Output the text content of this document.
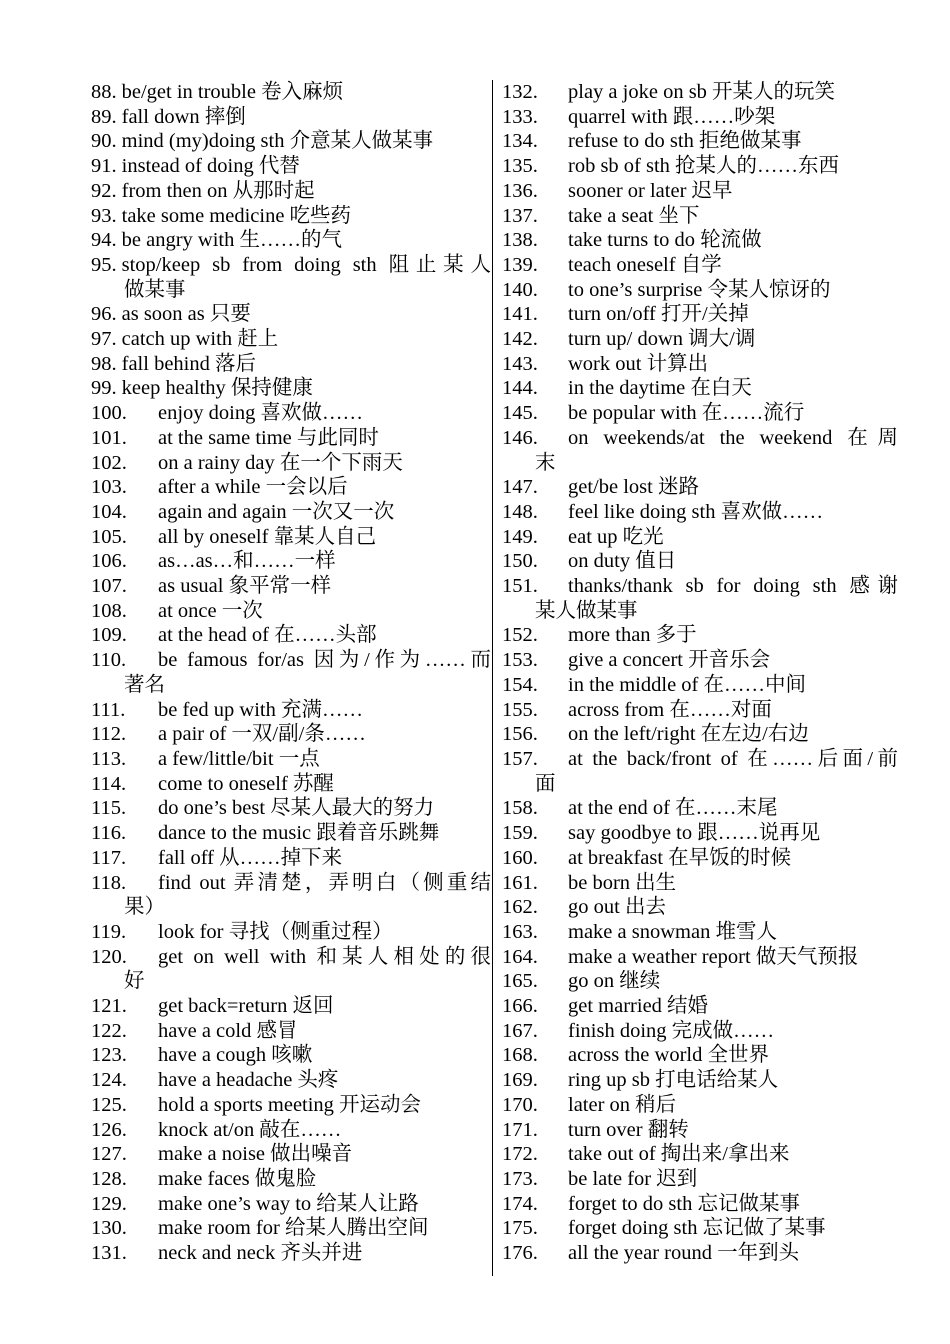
88. be/get in trouble 卷入麻烦
89. fall down 摔倒
90. mind (my)doing sth 介意某人做某事
91. instead of doing 代替
92. from then on 从那时起
93. take some medicine 吃些药
94. be angry with 生……的气
95. stop/keep sb from doing sth 阻止某人
做某事
96. as soon as 只要
97. catch up with 赶上
98. fall behind 落后
99. keep healthy 保持健康
100.	enjoy doing 喜欢做……
101.	at the same time 与此同时
102.	on a rainy day 在一个下雨天
103.	after a while 一会以后
104.	again and again 一次又一次
105.	all by oneself 靠某人自己
106.	as…as…和……一样
107.	as usual 象平常一样
108.	at once 一次
109.	at the head of 在……头部
110. be famous for/as 因为/作为……而
著名
111.	be fed up with 充满……
112.	a pair of 一双/副/条……
113.	a few/little/bit 一点
114.	come to oneself 苏醒
115.	do one’s best 尽某人最大的努力
116.	dance to the music 跟着音乐跳舞
117.	fall off 从……掉下来
118. find out 弄清楚，弄明白（侧重结
果）
119.	look for 寻找（侧重过程）
120. get on well with 和某人相处的很
好
121.	get back=return 返回
122.	have a cold 感冒
123.	have a cough 咳嗽
124.	have a headache 头疼
125.	hold a sports meeting 开运动会
126.	knock at/on 敲在……
127.	make a noise 做出噪音
128.	make faces 做鬼脸
129.	make one’s way to 给某人让路
130.	make room for 给某人腾出空间
131.	neck and neck 齐头并进
132.	play a joke on sb 开某人的玩笑
133.	quarrel with 跟……吵架
134.	refuse to do sth 拒绝做某事
135.	rob sb of sth 抢某人的……东西
136.	sooner or later 迟早
137.	take a seat 坐下
138.	take turns to do 轮流做
139.	teach oneself 自学
140.	to one’s surprise 令某人惊讶的
141.	turn on/off 打开/关掉
142.	turn up/ down 调大/调
143.	work out 计算出
144.	in the daytime 在白天
145.	be popular with 在……流行
146. on weekends/at the weekend 在周
末
147.	get/be lost 迷路
148.	feel like doing sth 喜欢做……
149.	eat up 吃光
150.	on duty 值日
151. thanks/thank sb for doing sth 感谢
某人做某事
152.	more than 多于
153.	give a concert 开音乐会
154.	in the middle of 在……中间
155.	across from 在……对面
156.	on the left/right 在左边/右边
157. at the back/front of 在……后面/前
面
158.	at the end of 在……末尾
159.	say goodbye to 跟……说再见
160.	at breakfast 在早饭的时候
161.	be born 出生
162.	go out 出去
163.	make a snowman 堆雪人
164.	make a weather report 做天气预报
165.	go on 继续
166.	get married 结婚
167.	finish doing 完成做……
168.	across the world 全世界
169.	ring up sb 打电话给某人
170.	later on 稍后
171.	turn over 翻转
172.	take out of 掏出来/拿出来
173.	be late for 迟到
174.	forget to do sth 忘记做某事
175.	forget doing sth 忘记做了某事
176.	all the year round 一年到头
